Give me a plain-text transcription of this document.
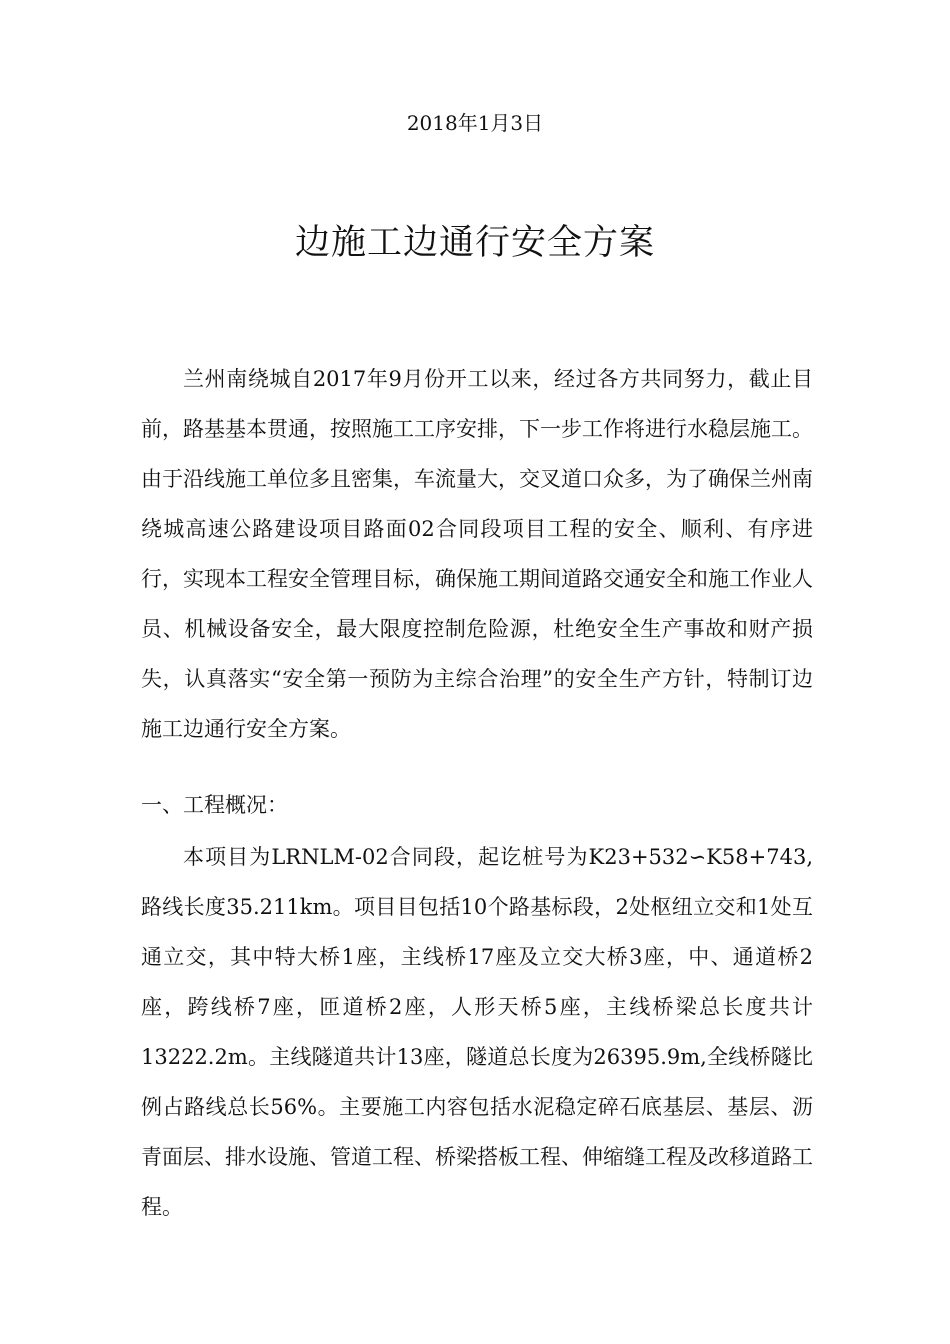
2018年1月3日
边施工边通行安全方案

兰州南绕城自2017年9月份开工以来，经过各方共同努力，截止目前，路基基本贯通，按照施工工序安排，下一步工作将进行水稳层施工。由于沿线施工单位多且密集，车流量大，交叉道口众多，为了确保兰州南绕城高速公路建设项目路面02合同段项目工程的安全、顺利、有序进行，实现本工程安全管理目标，确保施工期间道路交通安全和施工作业人员、机械设备安全，最大限度控制危险源，杜绝安全生产事故和财产损失，认真落实“安全第一预防为主综合治理”的安全生产方针，特制订边施工边通行安全方案。

一、工程概况：

本项目为LRNLM-02合同段，起讫桩号为K23+532∽K58+743,路线长度35.211km。项目目包括10个路基标段，2处枢纽立交和1处互通立交，其中特大桥1座，主线桥17座及立交大桥3座，中、通道桥2座，跨线桥7座，匝道桥2座，人形天桥5座，主线桥梁总长度共计13222.2m。主线隧道共计13座，隧道总长度为26395.9m,全线桥隧比例占路线总长56%。主要施工内容包括水泥稳定碎石底基层、基层、沥青面层、排水设施、管道工程、桥梁搭板工程、伸缩缝工程及改移道路工程。
